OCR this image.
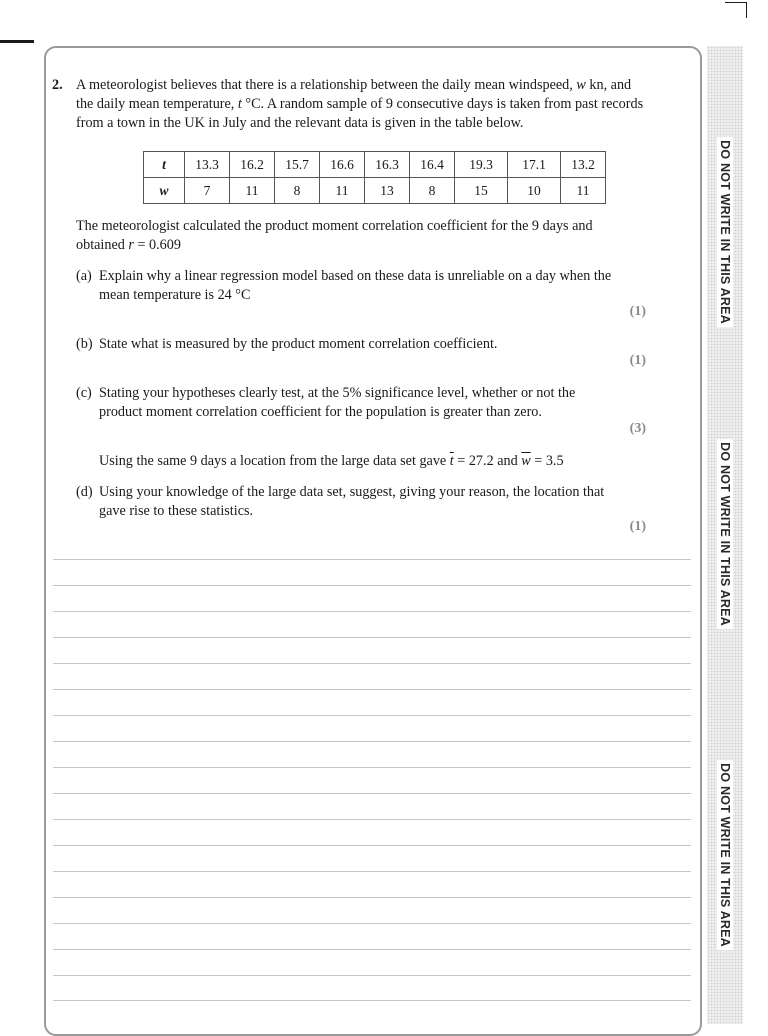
2. A meteorologist believes that there is a relationship between the daily mean windspeed, w kn, and the daily mean temperature, t °C. A random sample of 9 consecutive days is taken from past records from a town in the UK in July and the relevant data is given in the table below.
t	13.3	16.2	15.7	16.6	16.3	16.4	19.3	17.1	13.2
w	7	11	8	11	13	8	15	10	11
The meteorologist calculated the product moment correlation coefficient for the 9 days and obtained r = 0.609
(a) Explain why a linear regression model based on these data is unreliable on a day when the mean temperature is 24 °C
(1)
(b) State what is measured by the product moment correlation coefficient.
(1)
(c) Stating your hypotheses clearly test, at the 5% significance level, whether or not the product moment correlation coefficient for the population is greater than zero.
(3)
Using the same 9 days a location from the large data set gave $\overline{t} = 27.2$ and $\overline{w} = 3.5$
(d) Using your knowledge of the large data set, suggest, giving your reason, the location that gave rise to these statistics.
(1)
DO NOT WRITE IN THIS AREA
DO NOT WRITE IN THIS AREA
DO NOT WRITE IN THIS AREA
